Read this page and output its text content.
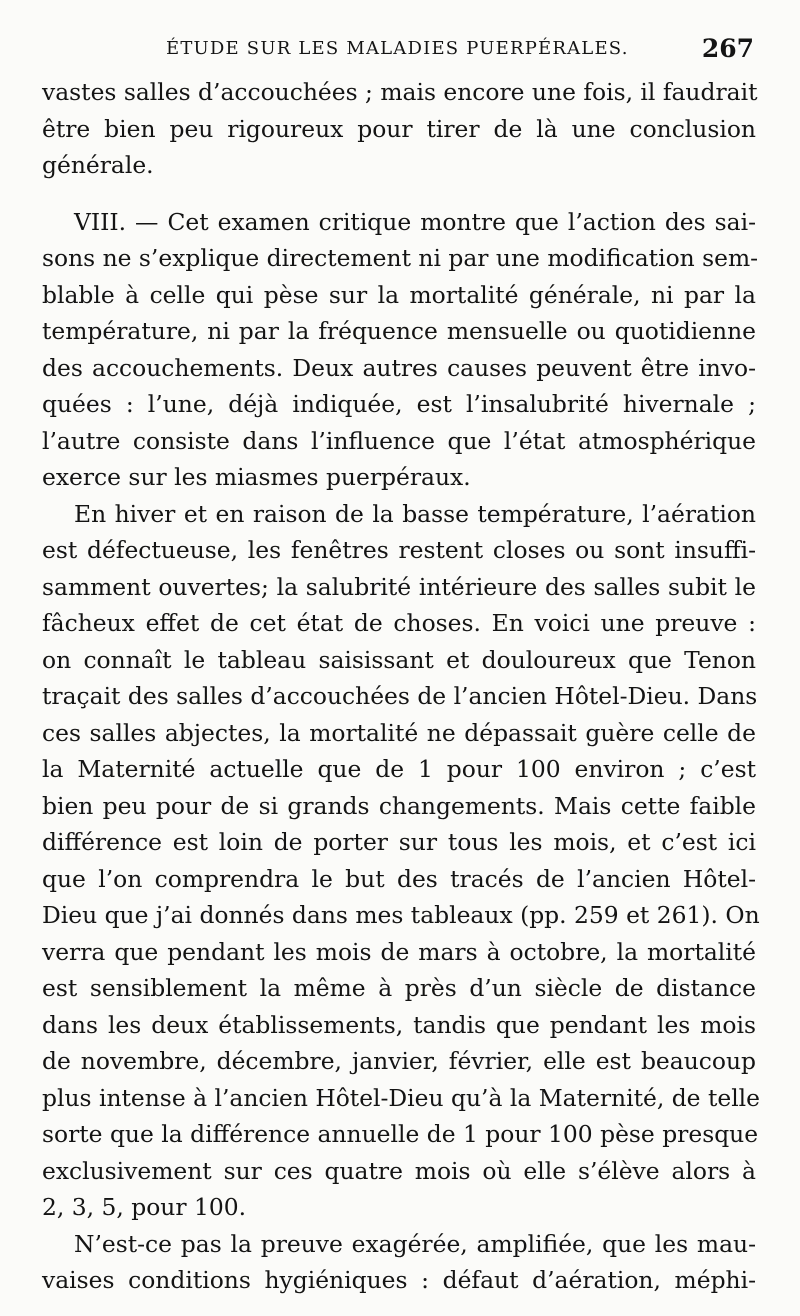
ÉTUDE SUR LES MALADIES PUERPÉRALES.	267
vastes salles d’accouchées ; mais encore une fois, il faudrait
être bien peu rigoureux pour tirer de là une conclusion
générale.
VIII. — Cet examen critique montre que l’action des sai-
sons ne s’explique directement ni par une modification sem-
blable à celle qui pèse sur la mortalité générale, ni par la
température, ni par la fréquence mensuelle ou quotidienne
des accouchements. Deux autres causes peuvent être invo-
quées : l’une, déjà indiquée, est l’insalubrité hivernale ;
l’autre consiste dans l’influence que l’état atmosphérique
exerce sur les miasmes puerpéraux.
En hiver et en raison de la basse température, l’aération
est défectueuse, les fenêtres restent closes ou sont insuffi-
samment ouvertes; la salubrité intérieure des salles subit le
fâcheux effet de cet état de choses. En voici une preuve :
on connaît le tableau saisissant et douloureux que Tenon
traçait des salles d’accouchées de l’ancien Hôtel-Dieu. Dans
ces salles abjectes, la mortalité ne dépassait guère celle de
la Maternité actuelle que de 1 pour 100 environ ; c’est
bien peu pour de si grands changements. Mais cette faible
différence est loin de porter sur tous les mois, et c’est ici
que l’on comprendra le but des tracés de l’ancien Hôtel-
Dieu que j’ai donnés dans mes tableaux (pp. 259 et 261). On
verra que pendant les mois de mars à octobre, la mortalité
est sensiblement la même à près d’un siècle de distance
dans les deux établissements, tandis que pendant les mois
de novembre, décembre, janvier, février, elle est beaucoup
plus intense à l’ancien Hôtel-Dieu qu’à la Maternité, de telle
sorte que la différence annuelle de 1 pour 100 pèse presque
exclusivement sur ces quatre mois où elle s’élève alors à
2, 3, 5, pour 100.
N’est-ce pas la preuve exagérée, amplifiée, que les mau-
vaises conditions hygiéniques : défaut d’aération, méphi-
